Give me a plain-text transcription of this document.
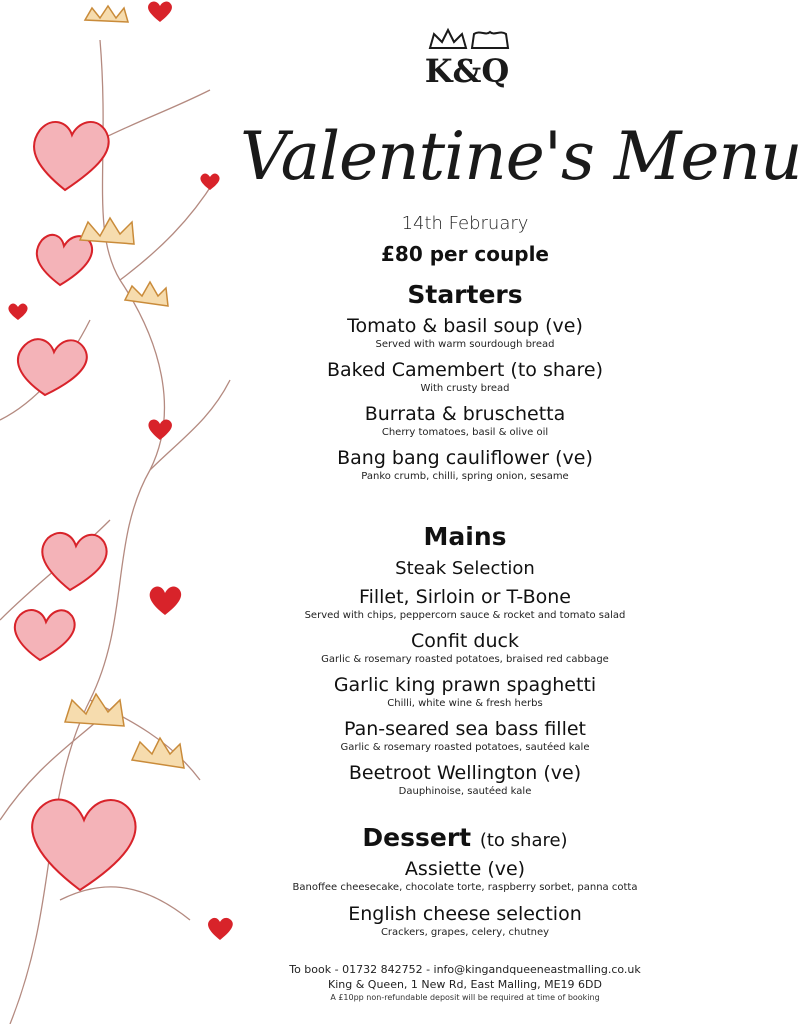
K&Q
Valentine's Menu
14th February
£80 per couple
Starters
Tomato & basil soup (ve)
Served with warm sourdough bread
Baked Camembert (to share)
With crusty bread
Burrata & bruschetta
Cherry tomatoes, basil & olive oil
Bang bang cauliflower (ve)
Panko crumb, chilli, spring onion, sesame
Mains
Steak Selection
Fillet, Sirloin or T-Bone
Served with chips, peppercorn sauce & rocket and tomato salad
Confit duck
Garlic & rosemary roasted potatoes, braised red cabbage
Garlic king prawn spaghetti
Chilli, white wine & fresh herbs
Pan-seared sea bass fillet
Garlic & rosemary roasted potatoes, sautéed kale
Beetroot Wellington (ve)
Dauphinoise, sautéed kale
Dessert (to share)
Assiette (ve)
Banoffee cheesecake, chocolate torte, raspberry sorbet, panna cotta
English cheese selection
Crackers, grapes, celery, chutney
To book - 01732 842752 - info@kingandqueeneastmalling.co.uk
King & Queen, 1 New Rd, East Malling, ME19 6DD
A £10pp non-refundable deposit will be required at time of booking
